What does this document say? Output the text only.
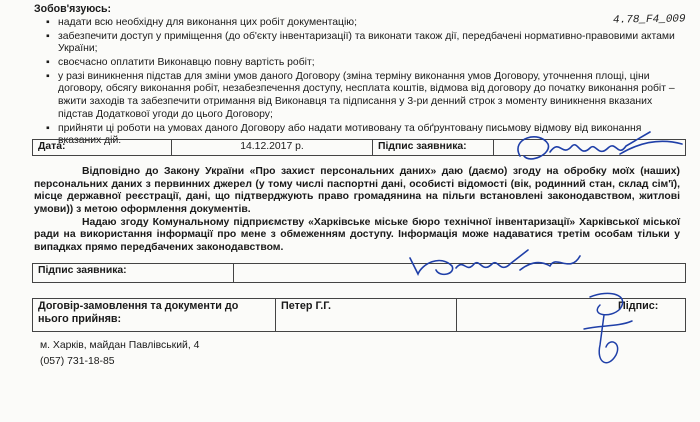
4.78_F4_009
Зобов'язуюсь:
▪ надати всю необхідну для виконання цих робіт документацію;
▪ забезпечити доступ у приміщення (до об'єкту інвентаризації) та виконати також дії, передбачені нормативно-правовими актами України;
▪ своєчасно оплатити Виконавцю повну вартість робіт;
▪ у разі виникнення підстав для зміни умов даного Договору (зміна терміну виконання умов Договору, уточнення площі, ціни договору, обсягу виконання робіт, незабезпечення доступу, несплата коштів, відмова від договору до початку виконання робіт – вжити заходів та забезпечити отримання від Виконавця та підписання у 3-ри денний строк з моменту виникнення вказаних підстав Додаткової угоди до цього Договору;
▪ прийняти ці роботи на умовах даного Договору або надати мотивовану та обґрунтовану письмову відмову від виконання вказаних дій.
Дата:	14.12.2017 р.	Підпис заявника:	

Відповідно до Закону України «Про захист персональних даних» даю (даємо) згоду на обробку моїх (наших) персональних даних з первинних джерел (у тому числі паспортні дані, особисті відомості (вік, родинний стан, склад сім'ї), місце державної реєстрації, дані, що підтверджують право громадянина на пільги встановлені законодавством, житлові умови)) з метою оформлення документів.

Надаю згоду Комунальному підприємству «Харківське міське бюро технічної інвентаризації» Харківської міської ради на використання інформації про мене з обмеженням доступу. Інформація може надаватися третім особам тільки у випадках прямо передбачених законодавством.

Підпис заявника:	
Договір-замовлення та документи до нього прийняв:	Петер Г.Г.	Підпис:
м. Харків, майдан Павлівський, 4
(057) 731-18-85
